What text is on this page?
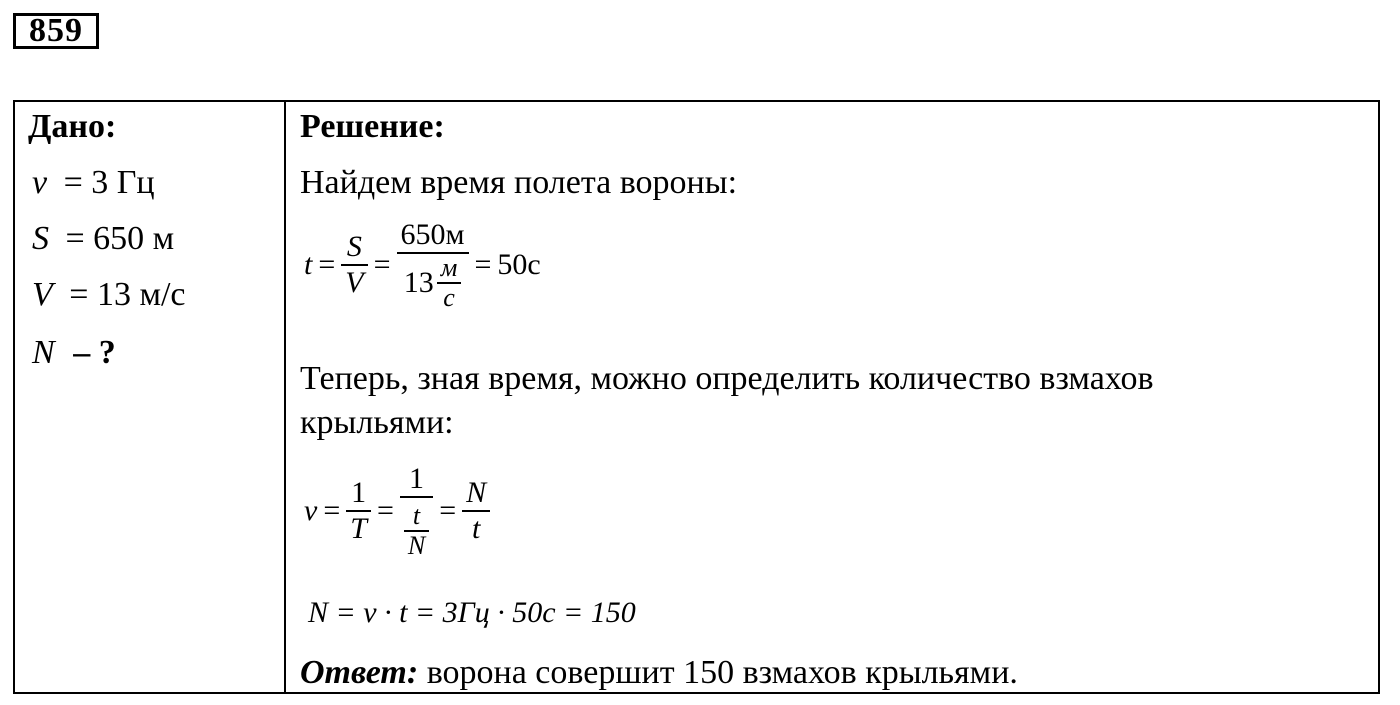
859
Дано:
ν = 3 Гц
S = 650 м
V = 13 м/с
N – ?
Решение:
Найдем время полета вороны:
$t = \frac{S}{V} = \frac{650м}{13 \frac{м}{с}} = 50с$
Теперь, зная время, можно определить количество взмахов
крыльями:
$\nu = \frac{1}{T} = \frac{1}{\frac{t}{N}} = \frac{N}{t}$
N = ν · t = 3Гц · 50с = 150
Ответ: ворона совершит 150 взмахов крыльями.
